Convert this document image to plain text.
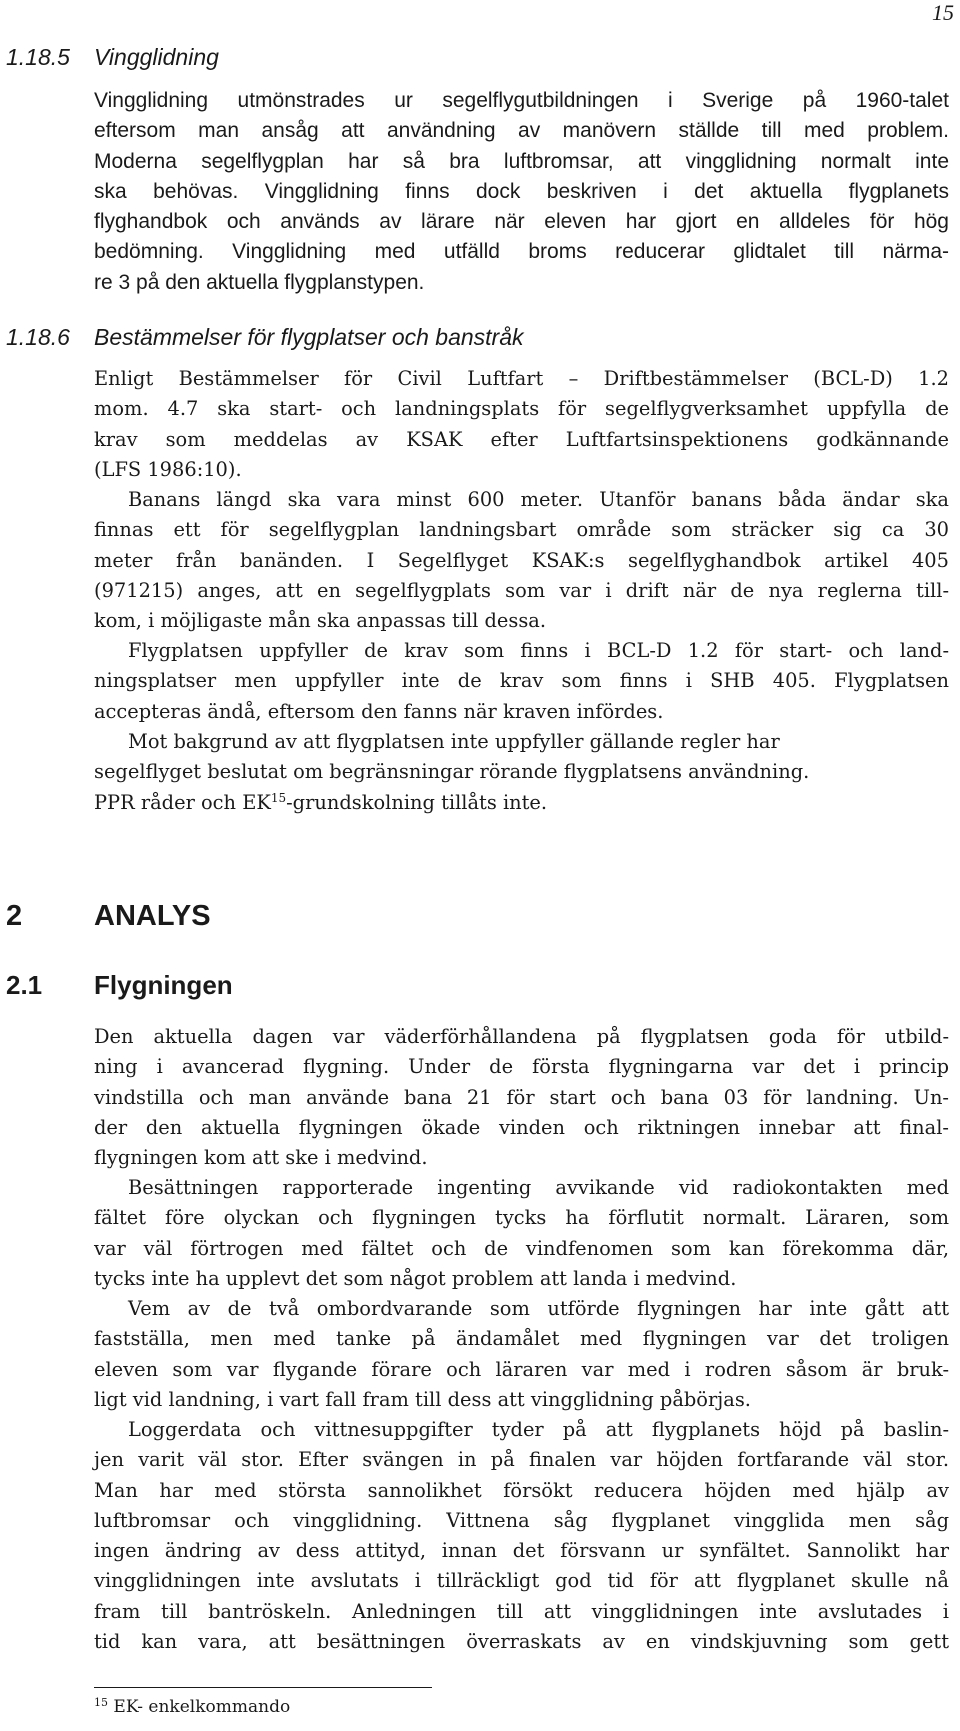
15
1.18.5 Vingglidning
Vingglidning utmönstrades ur segelflygutbildningen i Sverige på 1960-talet
eftersom man ansåg att användning av manövern ställde till med problem.
Moderna segelflygplan har så bra luftbromsar, att vingglidning normalt inte
ska behövas. Vingglidning finns dock beskriven i det aktuella flygplanets
flyghandbok och används av lärare när eleven har gjort en alldeles för hög
bedömning. Vingglidning med utfälld broms reducerar glidtalet till närma-
re 3 på den aktuella flygplanstypen.
1.18.6 Bestämmelser för flygplatser och banstråk
Enligt Bestämmelser för Civil Luftfart – Driftbestämmelser (BCL-D) 1.2
mom. 4.7 ska start- och landningsplats för segelflygverksamhet uppfylla de
krav som meddelas av KSAK efter Luftfartsinspektionens godkännande
(LFS 1986:10).
Banans längd ska vara minst 600 meter. Utanför banans båda ändar ska
finnas ett för segelflygplan landningsbart område som sträcker sig ca 30
meter från banänden. I Segelflyget KSAK:s segelflyghandbok artikel 405
(971215) anges, att en segelflygplats som var i drift när de nya reglerna till-
kom, i möjligaste mån ska anpassas till dessa.
Flygplatsen uppfyller de krav som finns i BCL-D 1.2 för start- och land-
ningsplatser men uppfyller inte de krav som finns i SHB 405. Flygplatsen
accepteras ändå, eftersom den fanns när kraven infördes.
Mot bakgrund av att flygplatsen inte uppfyller gällande regler har
segelflyget beslutat om begränsningar rörande flygplatsens användning.
PPR råder och EK$^{15}$-grundskolning tillåts inte.
2 ANALYS
2.1 Flygningen
Den aktuella dagen var väderförhållandena på flygplatsen goda för utbild-
ning i avancerad flygning. Under de första flygningarna var det i princip
vindstilla och man använde bana 21 för start och bana 03 för landning. Un-
der den aktuella flygningen ökade vinden och riktningen innebar att final-
flygningen kom att ske i medvind.
Besättningen rapporterade ingenting avvikande vid radiokontakten med
fältet före olyckan och flygningen tycks ha förflutit normalt. Läraren, som
var väl förtrogen med fältet och de vindfenomen som kan förekomma där,
tycks inte ha upplevt det som något problem att landa i medvind.
Vem av de två ombordvarande som utförde flygningen har inte gått att
fastställa, men med tanke på ändamålet med flygningen var det troligen
eleven som var flygande förare och läraren var med i rodren såsom är bruk-
ligt vid landning, i vart fall fram till dess att vingglidning påbörjas.
Loggerdata och vittnesuppgifter tyder på att flygplanets höjd på baslin-
jen varit väl stor. Efter svängen in på finalen var höjden fortfarande väl stor.
Man har med största sannolikhet försökt reducera höjden med hjälp av
luftbromsar och vingglidning. Vittnena såg flygplanet vingglida men såg
ingen ändring av dess attityd, innan det försvann ur synfältet. Sannolikt har
vingglidningen inte avslutats i tillräckligt god tid för att flygplanet skulle nå
fram till bantröskeln. Anledningen till att vingglidningen inte avslutades i
tid kan vara, att besättningen överraskats av en vindskjuvning som gett
$^{15}$ EK- enkelkommando
